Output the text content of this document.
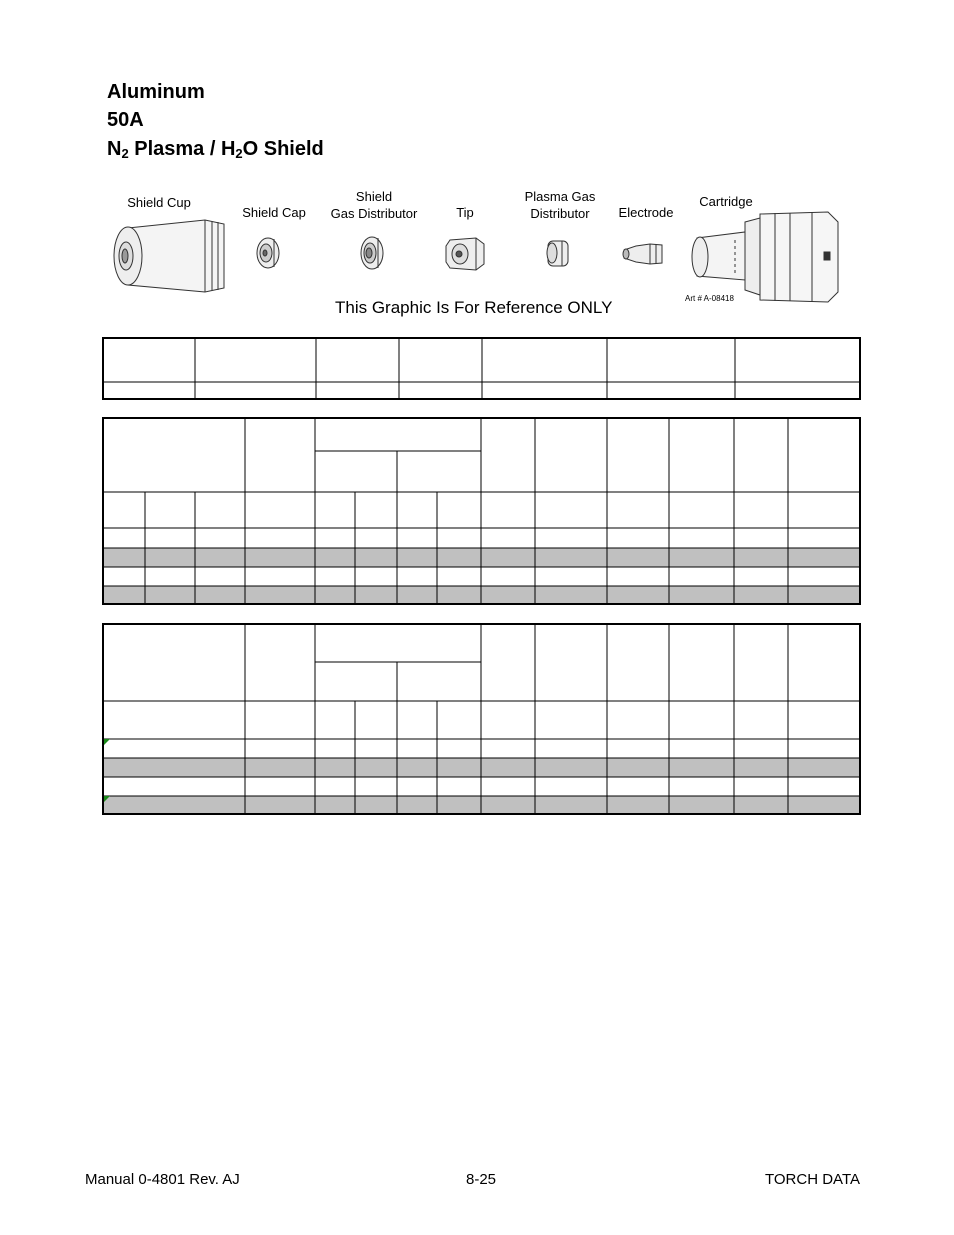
Aluminum
50A
$N_2$ Plasma / $H_2O$ Shield
Shield Cup
Shield Cap
Shield
Gas Distributor	Tip
Plasma Gas
Distributor	Electrode
Cartridge
This Graphic Is For Reference ONLY	Art # A-08418
Manual 0-4801 Rev. AJ	8-25	TORCH DATA
